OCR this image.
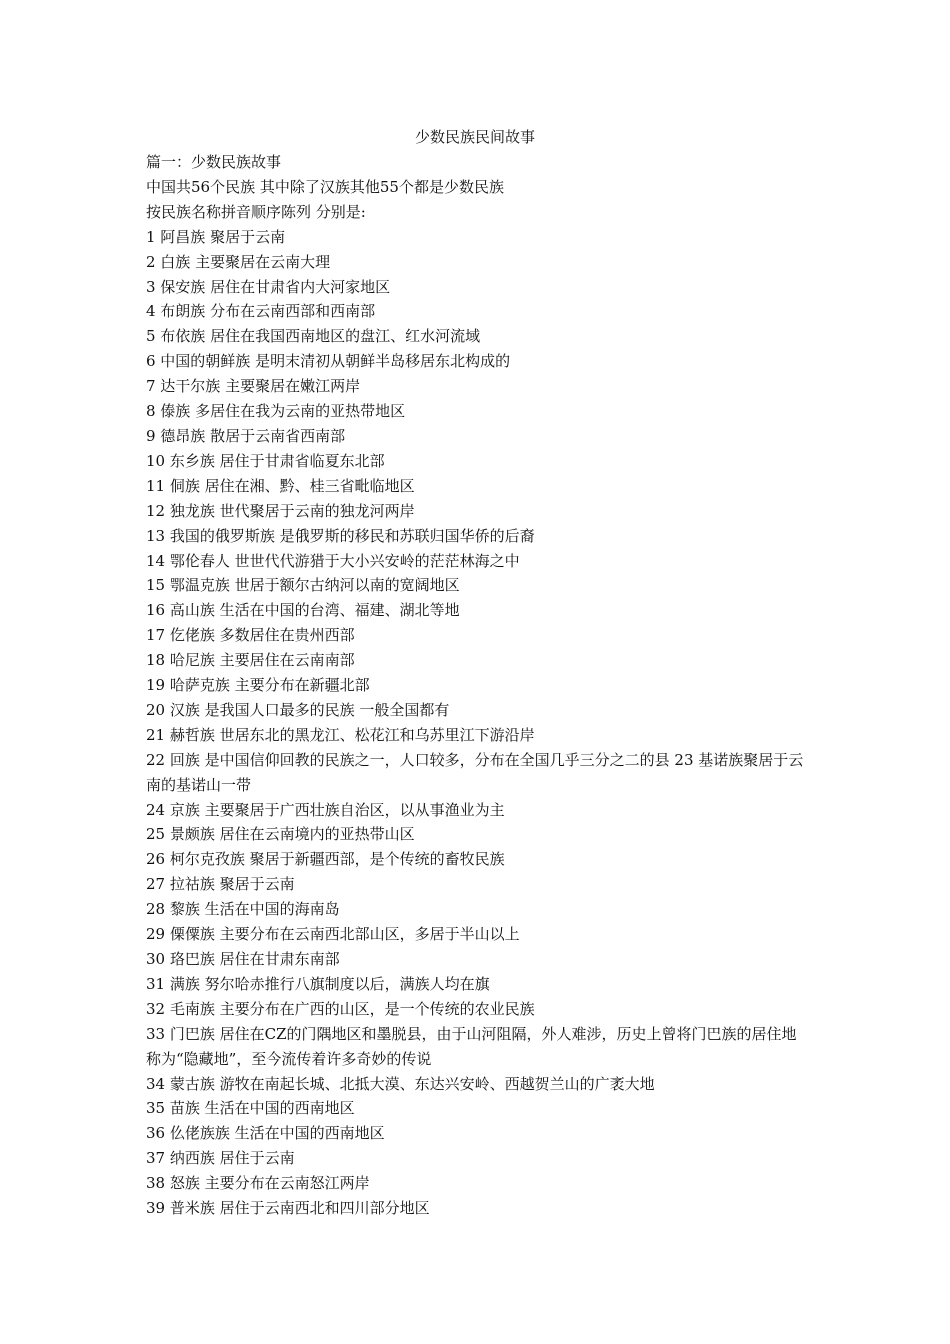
少数民族民间故事

篇一：少数民族故事

中国共56个民族 其中除了汉族其他55个都是少数民族

按民族名称拼音顺序陈列 分别是:

1 阿昌族 聚居于云南

2 白族 主要聚居在云南大理

3 保安族 居住在甘肃省内大河家地区

4 布朗族 分布在云南西部和西南部

5 布依族 居住在我国西南地区的盘江、红水河流域

6 中国的朝鲜族 是明末清初从朝鲜半岛移居东北构成的

7 达干尔族 主要聚居在嫩江两岸

8 傣族 多居住在我为云南的亚热带地区

9 德昂族 散居于云南省西南部

10 东乡族 居住于甘肃省临夏东北部

11 侗族 居住在湘、黔、桂三省毗临地区

12 独龙族 世代聚居于云南的独龙河两岸

13 我国的俄罗斯族 是俄罗斯的移民和苏联归国华侨的后裔

14 鄂伦春人 世世代代游猎于大小兴安岭的茫茫林海之中

15 鄂温克族 世居于额尔古纳河以南的宽阔地区

16 高山族 生活在中国的台湾、福建、湖北等地

17 仡佬族 多数居住在贵州西部

18 哈尼族 主要居住在云南南部

19 哈萨克族 主要分布在新疆北部

20 汉族 是我国人口最多的民族 一般全国都有

21 赫哲族 世居东北的黑龙江、松花江和乌苏里江下游沿岸

22 回族 是中国信仰回教的民族之一，人口较多，分布在全国几乎三分之二的县 23 基诺族聚居于云南的基诺山一带

24 京族 主要聚居于广西壮族自治区，以从事渔业为主

25 景颇族 居住在云南境内的亚热带山区

26 柯尔克孜族 聚居于新疆西部，是个传统的畜牧民族

27 拉祜族 聚居于云南

28 黎族 生活在中国的海南岛

29 傈僳族 主要分布在云南西北部山区，多居于半山以上

30 珞巴族 居住在甘肃东南部

31 满族 努尔哈赤推行八旗制度以后，满族人均在旗

32 毛南族 主要分布在广西的山区，是一个传统的农业民族

33 门巴族 居住在CZ的门隅地区和墨脱县，由于山河阻隔，外人难涉，历史上曾将门巴族的居住地称为“隐藏地”，至今流传着许多奇妙的传说

34 蒙古族 游牧在南起长城、北抵大漠、东达兴安岭、西越贺兰山的广袤大地

35 苗族 生活在中国的西南地区

36 仫佬族族 生活在中国的西南地区

37 纳西族 居住于云南

38 怒族 主要分布在云南怒江两岸

39 普米族 居住于云南西北和四川部分地区
